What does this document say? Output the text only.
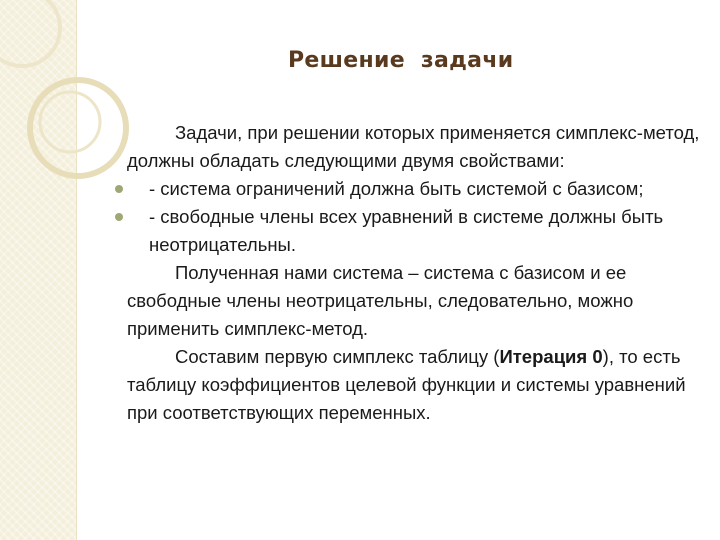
Решение  задачи

Задачи, при решении которых применяется симплекс-метод, должны обладать следующими двумя свойствами:

- система ограничений должна быть системой с базисом;

- свободные члены всех уравнений в системе должны быть неотрицательны.

Полученная нами система – система с базисом и ее свободные члены неотрицательны, следовательно, можно применить симплекс-метод.

Составим первую симплекс таблицу (Итерация 0), то есть таблицу коэффициентов целевой функции и системы уравнений при соответствующих переменных.
